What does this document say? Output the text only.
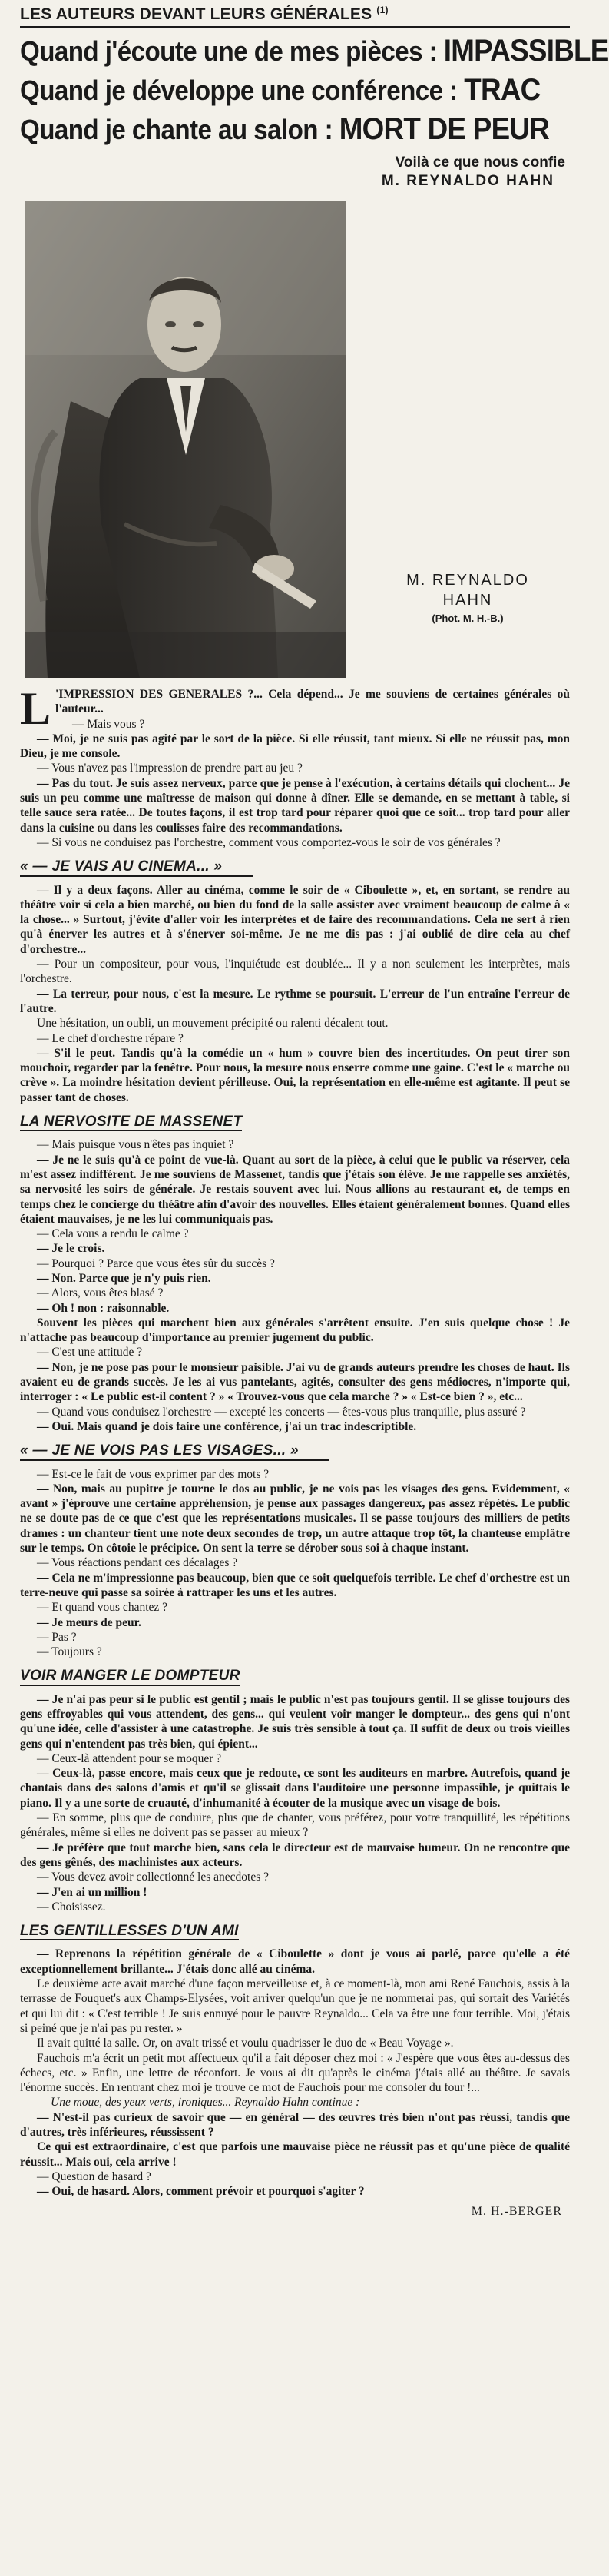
LES AUTEURS DEVANT LEURS GÉNÉRALES $^{(1)}$
Quand j'écoute une de mes pièces : IMPASSIBLE
Quand je développe une conférence : TRAC
Quand je chante au salon : MORT DE PEUR
Voilà ce que nous confie
M. REYNALDO HAHN
M. REYNALDO
HAHN
(Phot. M. H.-B.)

L 'IMPRESSION DES GENERALES ?... Cela dépend... Je me souviens de certaines générales où l'auteur...

— Mais vous ?

— Moi, je ne suis pas agité par le sort de la pièce. Si elle réussit, tant mieux. Si elle ne réussit pas, mon Dieu, je me console.

— Vous n'avez pas l'impression de prendre part au jeu ?

— Pas du tout. Je suis assez nerveux, parce que je pense à l'exécution, à certains détails qui clochent... Je suis un peu comme une maîtresse de maison qui donne à dîner. Elle se demande, en se mettant à table, si telle sauce sera ratée... De toutes façons, il est trop tard pour réparer quoi que ce soit... trop tard pour aller dans la cuisine ou dans les coulisses faire des recommandations.

— Si vous ne conduisez pas l'orchestre, comment vous comportez-vous le soir de vos générales ?

« — JE VAIS AU CINEMA... »

— Il y a deux façons. Aller au cinéma, comme le soir de « Ciboulette », et, en sortant, se rendre au théâtre voir si cela a bien marché, ou bien du fond de la salle assister avec vraiment beaucoup de calme à « la chose... » Surtout, j'évite d'aller voir les interprètes et de faire des recommandations. Cela ne sert à rien qu'à énerver les autres et à s'énerver soi-même. Je ne me dis pas : j'ai oublié de dire cela au chef d'orchestre...

— Pour un compositeur, pour vous, l'inquiétude est doublée... Il y a non seulement les interprètes, mais l'orchestre.

— La terreur, pour nous, c'est la mesure. Le rythme se poursuit. L'erreur de l'un entraîne l'erreur de l'autre.

Une hésitation, un oubli, un mouvement précipité ou ralenti décalent tout.

— Le chef d'orchestre répare ?

— S'il le peut. Tandis qu'à la comédie un « hum » couvre bien des incertitudes. On peut tirer son mouchoir, regarder par la fenêtre. Pour nous, la mesure nous enserre comme une gaine. C'est le « marche ou crève ». La moindre hésitation devient périlleuse. Oui, la représentation en elle-même est agitante. Il peut se passer tant de choses.

LA NERVOSITE DE MASSENET

— Mais puisque vous n'êtes pas inquiet ?

— Je ne le suis qu'à ce point de vue-là. Quant au sort de la pièce, à celui que le public va réserver, cela m'est assez indifférent. Je me souviens de Massenet, tandis que j'étais son élève. Je me rappelle ses anxiétés, sa nervosité les soirs de générale. Je restais souvent avec lui. Nous allions au restaurant et, de temps en temps chez le concierge du théâtre afin d'avoir des nouvelles. Elles étaient généralement bonnes. Quand elles étaient mauvaises, je ne les lui communiquais pas.

— Cela vous a rendu le calme ?

— Je le crois.

— Pourquoi ? Parce que vous êtes sûr du succès ?

— Non. Parce que je n'y puis rien.

— Alors, vous êtes blasé ?

— Oh ! non : raisonnable.

Souvent les pièces qui marchent bien aux générales s'arrêtent ensuite. J'en suis quelque chose ! Je n'attache pas beaucoup d'importance au premier jugement du public.

— C'est une attitude ?

— Non, je ne pose pas pour le monsieur paisible. J'ai vu de grands auteurs prendre les choses de haut. Ils avaient eu de grands succès. Je les ai vus pantelants, agités, consulter des gens médiocres, n'importe qui, interroger : « Le public est-il content ? » « Trouvez-vous que cela marche ? » « Est-ce bien ? », etc...

— Quand vous conduisez l'orchestre — excepté les concerts — êtes-vous plus tranquille, plus assuré ?

— Oui. Mais quand je dois faire une conférence, j'ai un trac indescriptible.

« — JE NE VOIS PAS LES VISAGES... »

— Est-ce le fait de vous exprimer par des mots ?

— Non, mais au pupitre je tourne le dos au public, je ne vois pas les visages des gens. Evidemment, « avant » j'éprouve une certaine appréhension, je pense aux passages dangereux, pas assez répétés. Le public ne se doute pas de ce que c'est que les représentations musicales. Il se passe toujours des milliers de petits drames : un chanteur tient une note deux secondes de trop, un autre attaque trop tôt, la chanteuse emplâtre sur le temps. On côtoie le précipice. On sent la terre se dérober sous soi à chaque instant.

— Vous réactions pendant ces décalages ?

— Cela ne m'impressionne pas beaucoup, bien que ce soit quelquefois terrible. Le chef d'orchestre est un terre-neuve qui passe sa soirée à rattraper les uns et les autres.

— Et quand vous chantez ?

— Je meurs de peur.

— Pas ?

— Toujours ?

VOIR MANGER LE DOMPTEUR

— Je n'ai pas peur si le public est gentil ; mais le public n'est pas toujours gentil. Il se glisse toujours des gens effroyables qui vous attendent, des gens... qui veulent voir manger le dompteur... des gens qui n'ont qu'une idée, celle d'assister à une catastrophe. Je suis très sensible à tout ça. Il suffit de deux ou trois vieilles gens qui n'entendent pas très bien, qui épient...

— Ceux-là attendent pour se moquer ?

— Ceux-là, passe encore, mais ceux que je redoute, ce sont les auditeurs en marbre. Autrefois, quand je chantais dans des salons d'amis et qu'il se glissait dans l'auditoire une personne impassible, je quittais le piano. Il y a une sorte de cruauté, d'inhumanité à écouter de la musique avec un visage de bois.

— En somme, plus que de conduire, plus que de chanter, vous préférez, pour votre tranquillité, les répétitions générales, même si elles ne doivent pas se passer au mieux ?

— Je préfère que tout marche bien, sans cela le directeur est de mauvaise humeur. On ne rencontre que des gens gênés, des machinistes aux acteurs.

— Vous devez avoir collectionné les anecdotes ?

— J'en ai un million !

— Choisissez.

LES GENTILLESSES D'UN AMI

— Reprenons la répétition générale de « Ciboulette » dont je vous ai parlé, parce qu'elle a été exceptionnellement brillante... J'étais donc allé au cinéma.

Le deuxième acte avait marché d'une façon merveilleuse et, à ce moment-là, mon ami René Fauchois, assis à la terrasse de Fouquet's aux Champs-Elysées, voit arriver quelqu'un que je ne nommerai pas, qui sortait des Variétés et qui lui dit : « C'est terrible ! Je suis ennuyé pour le pauvre Reynaldo... Cela va être une four terrible. Moi, j'étais si peiné que je n'ai pas pu rester. »

Il avait quitté la salle. Or, on avait trissé et voulu quadrisser le duo de « Beau Voyage ».

Fauchois m'a écrit un petit mot affectueux qu'il a fait déposer chez moi : « J'espère que vous êtes au-dessus des échecs, etc. » Enfin, une lettre de réconfort. Je vous ai dit qu'après le cinéma j'étais allé au théâtre. Je savais l'énorme succès. En rentrant chez moi je trouve ce mot de Fauchois pour me consoler du four !...

Une moue, des yeux verts, ironiques... Reynaldo Hahn continue :

— N'est-il pas curieux de savoir que — en général — des œuvres très bien n'ont pas réussi, tandis que d'autres, très inférieures, réussissent ?

Ce qui est extraordinaire, c'est que parfois une mauvaise pièce ne réussit pas et qu'une pièce de qualité réussit... Mais oui, cela arrive !

— Question de hasard ?

— Oui, de hasard. Alors, comment prévoir et pourquoi s'agiter ?

M. H.-BERGER
